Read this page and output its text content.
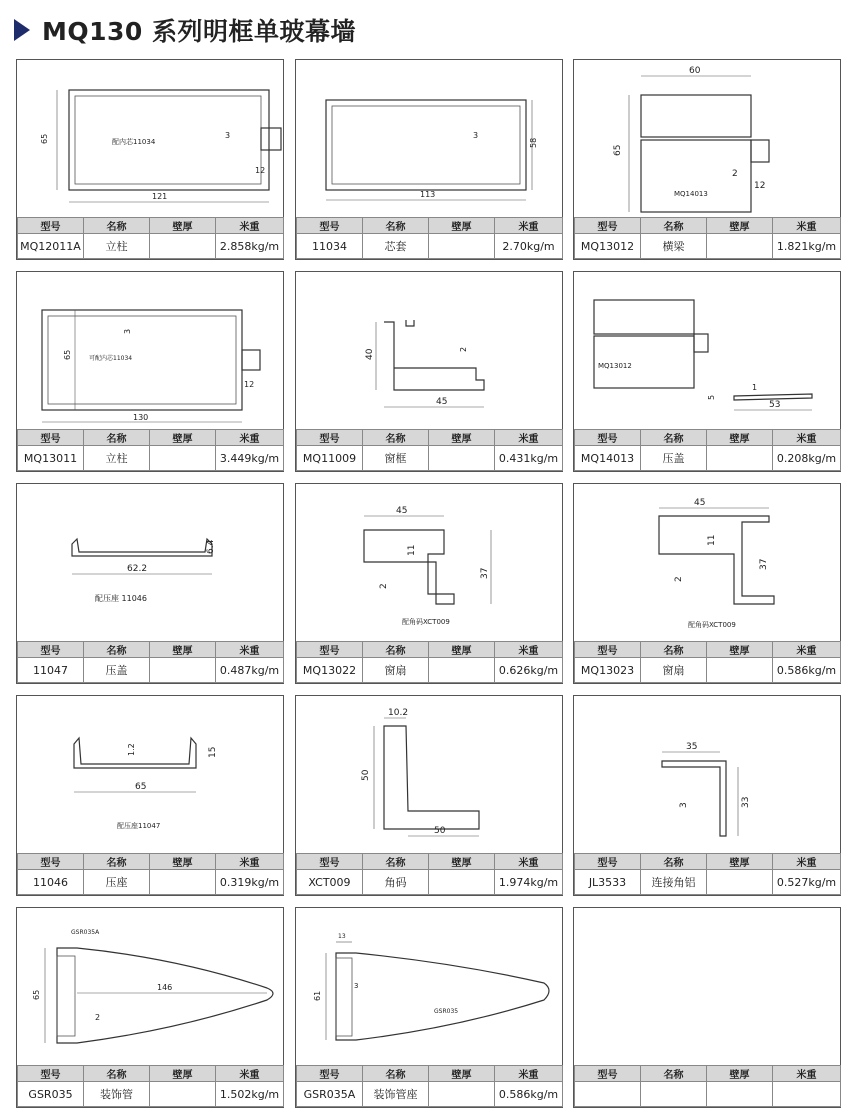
MQ130 系列明框单玻幕墙
65
121
3
12
配内芯11034
型号	名称	壁厚	米重
MQ12011A	立柱		2.858kg/m
113
58
3
型号	名称	壁厚	米重
11034	芯套		2.70kg/m
60
65
2
12
MQ14013
型号	名称	壁厚	米重
MQ13012	横梁		1.821kg/m
130
65
3
12
可配内芯11034
型号	名称	壁厚	米重
MQ13011	立柱		3.449kg/m
40
45
2
型号	名称	壁厚	米重
MQ11009	窗框		0.431kg/m
53
5
1
MQ13012
型号	名称	壁厚	米重
MQ14013	压盖		0.208kg/m
62.2
6.4
配压座 11046
型号	名称	壁厚	米重
11047	压盖		0.487kg/m
45
11
37
2
配角码XCT009
型号	名称	壁厚	米重
MQ13022	窗扇		0.626kg/m
45
11
37
2
配角码XCT009
型号	名称	壁厚	米重
MQ13023	窗扇		0.586kg/m
65
15
1.2
配压座11047
型号	名称	壁厚	米重
11046	压座		0.319kg/m
10.2
50
50
型号	名称	壁厚	米重
XCT009	角码		1.974kg/m
35
33
3
型号	名称	壁厚	米重
JL3533	连接角铝		0.527kg/m
65
146
2
GSR035A
型号	名称	壁厚	米重
GSR035	装饰管		1.502kg/m
13
61
3
GSR035
型号	名称	壁厚	米重
GSR035A	装饰管座		0.586kg/m
型号	名称	壁厚	米重
